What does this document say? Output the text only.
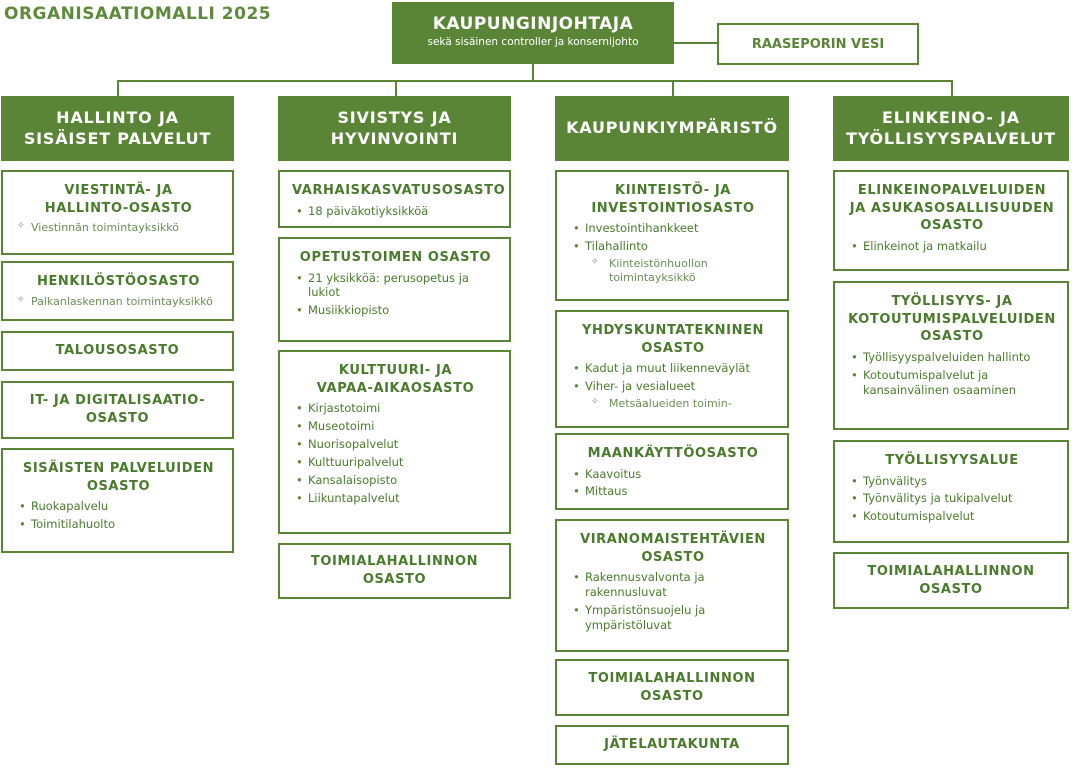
ORGANISAATIOMALLI 2025	KAUPUNGINJOHTAJA
sekä sisäinen controller ja konsernijohto	RAASEPORIN VESI
HALLINTO JA
SISÄISET PALVELUT
VIESTINTÄ- JA
HALLINTO-OSASTO
✧ Viestinnän toimintayksikkö
HENKILÖSTÖOSASTO
✧ Palkanlaskennan toimintayksikkö
TALOUSOSASTO
IT- JA DIGITALISAATIO-
OSASTO
SISÄISTEN PALVELUIDEN
OSASTO
• Ruokapalvelu
• Toimitilahuolto
SIVISTYS JA
HYVINVOINTI
VARHAISKASVATUSOSASTO
• 18 päiväkotiyksikköä
OPETUSTOIMEN OSASTO
• 21 yksikköä: perusopetus ja lukiot
• Musiikkiopisto
KULTTUURI- JA
VAPAA-AIKAOSASTO
• Kirjastotoimi
• Museotoimi
• Nuorisopalvelut
• Kulttuuripalvelut
• Kansalaisopisto
• Liikuntapalvelut
TOIMIALAHALLINNON
OSASTO
KAUPUNKIYMPÄRISTÖ
KIINTEISTÖ- JA
INVESTOINTIOSASTO
• Investointihankkeet
• Tilahallinto
✧ Kiinteistönhuollon toimintayksikkö
YHDYSKUNTATEKNINEN
OSASTO
• Kadut ja muut liikenneväylät
• Viher- ja vesialueet
✧ Metsäalueiden toimin-
MAANKÄYTTÖOSASTO
• Kaavoitus
• Mittaus
VIRANOMAISTEHTÄVIEN
OSASTO
• Rakennusvalvonta ja rakennusluvat
• Ympäristönsuojelu ja ympäristöluvat
TOIMIALAHALLINNON
OSASTO
JÄTELAUTAKUNTA
ELINKEINO- JA
TYÖLLISYYSPALVELUT
ELINKEINOPALVELUIDEN
JA ASUKASOSALLISUUDEN
OSASTO
• Elinkeinot ja matkailu
TYÖLLISYYS- JA
KOTOUTUMISPALVELUIDEN
OSASTO
• Työllisyyspalveluiden hallinto
• Kotoutumispalvelut ja kansainvälinen osaaminen
TYÖLLISYYSALUE
• Työnvälitys
• Työnvälitys ja tukipalvelut
• Kotoutumispalvelut
TOIMIALAHALLINNON
OSASTO
